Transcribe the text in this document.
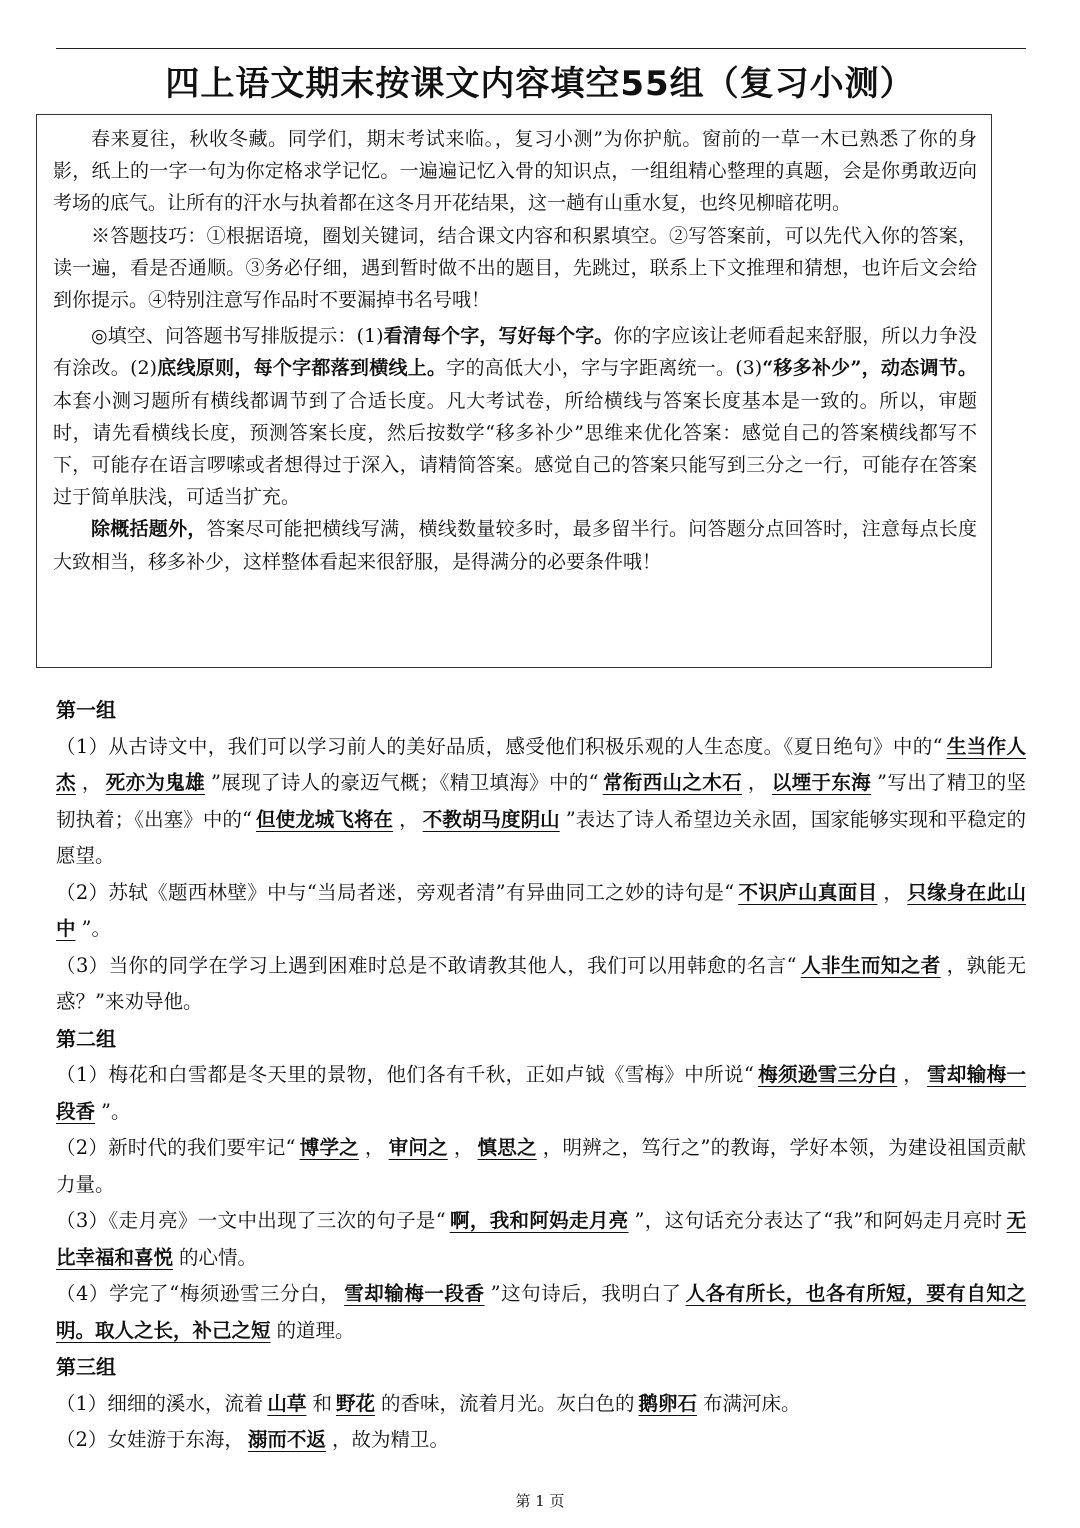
四上语文期末按课文内容填空55组（复习小测）

春来夏往，秋收冬藏。同学们，期末考试来临。，复习小测”为你护航。窗前的一草一木已熟悉了你的身影，纸上的一字一句为你定格求学记忆。一遍遍记忆入骨的知识点，一组组精心整理的真题，会是你勇敢迈向考场的底气。让所有的汗水与执着都在这冬月开花结果，这一趟有山重水复，也终见柳暗花明。

※答题技巧：①根据语境，圈划关键词，结合课文内容和积累填空。②写答案前，可以先代入你的答案，读一遍，看是否通顺。③务必仔细，遇到暂时做不出的题目，先跳过，联系上下文推理和猜想，也许后文会给到你提示。④特别注意写作品时不要漏掉书名号哦！

◎填空、问答题书写排版提示：(1)看清每个字，写好每个字。你的字应该让老师看起来舒服，所以力争没有涂改。(2)底线原则，每个字都落到横线上。字的高低大小，字与字距离统一。(3)“移多补少”，动态调节。本套小测习题所有横线都调节到了合适长度。凡大考试卷，所给横线与答案长度基本是一致的。所以，审题时，请先看横线长度，预测答案长度，然后按数学“移多补少”思维来优化答案：感觉自己的答案横线都写不下，可能存在语言啰嗦或者想得过于深入，请精简答案。感觉自己的答案只能写到三分之一行，可能存在答案过于简单肤浅，可适当扩充。

除概括题外，答案尽可能把横线写满，横线数量较多时，最多留半行。问答题分点回答时，注意每点长度大致相当，移多补少，这样整体看起来很舒服，是得满分的必要条件哦！

第一组

（1）从古诗文中，我们可以学习前人的美好品质，感受他们积极乐观的人生态度。《夏日绝句》中的“ 生当作人杰 ， 死亦为鬼雄 ”展现了诗人的豪迈气概；《精卫填海》中的“ 常衔西山之木石 ， 以堙于东海 ”写出了精卫的坚韧执着；《出塞》中的“ 但使龙城飞将在 ， 不教胡马度阴山 ”表达了诗人希望边关永固，国家能够实现和平稳定的愿望。

（2）苏轼《题西林壁》中与“当局者迷，旁观者清”有异曲同工之妙的诗句是“ 不识庐山真面目 ， 只缘身在此山中 ”。

（3）当你的同学在学习上遇到困难时总是不敢请教其他人，我们可以用韩愈的名言“ 人非生而知之者 ，孰能无惑？”来劝导他。

第二组

（1）梅花和白雪都是冬天里的景物，他们各有千秋，正如卢钺《雪梅》中所说“ 梅须逊雪三分白 ， 雪却输梅一段香 ”。

（2）新时代的我们要牢记“ 博学之 ， 审问之 ， 慎思之 ，明辨之，笃行之”的教诲，学好本领，为建设祖国贡献力量。

（3）《走月亮》一文中出现了三次的句子是“ 啊，我和阿妈走月亮 ”，这句话充分表达了“我”和阿妈走月亮时 无比幸福和喜悦 的心情。

（4）学完了“梅须逊雪三分白， 雪却输梅一段香 ”这句诗后，我明白了 人各有所长，也各有所短，要有自知之明。取人之长，补己之短 的道理。

第三组

（1）细细的溪水，流着 山草 和 野花 的香味，流着月光。灰白色的 鹅卵石 布满河床。

（2）女娃游于东海， 溺而不返 ，故为精卫。

第 1 页
